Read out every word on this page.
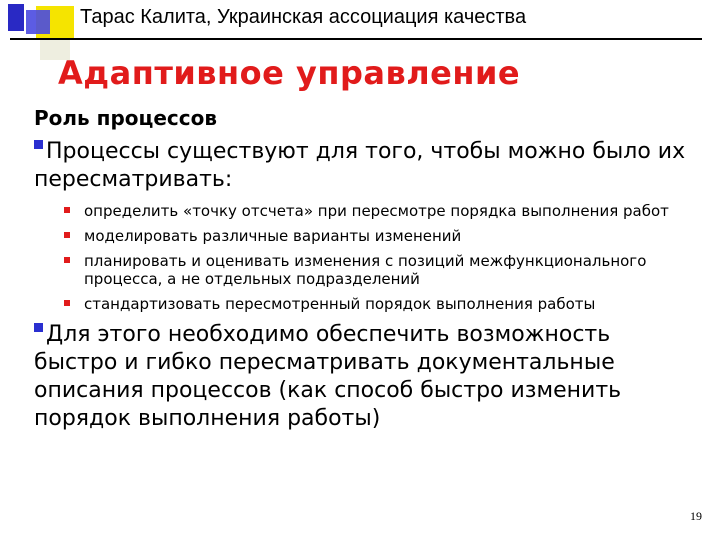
Тарас Калита, Украинская ассоциация качества
Адаптивное управление
Роль процессов
Процессы существуют для того, чтобы можно было их пересматривать:
определить «точку отсчета» при пересмотре порядка выполнения работ
моделировать различные варианты изменений
планировать и оценивать изменения с позиций межфункционального процесса, а не отдельных подразделений
стандартизовать пересмотренный порядок выполнения работы
Для этого необходимо обеспечить возможность быстро и гибко пересматривать документальные описания процессов (как способ быстро изменить порядок выполнения работы)
19
